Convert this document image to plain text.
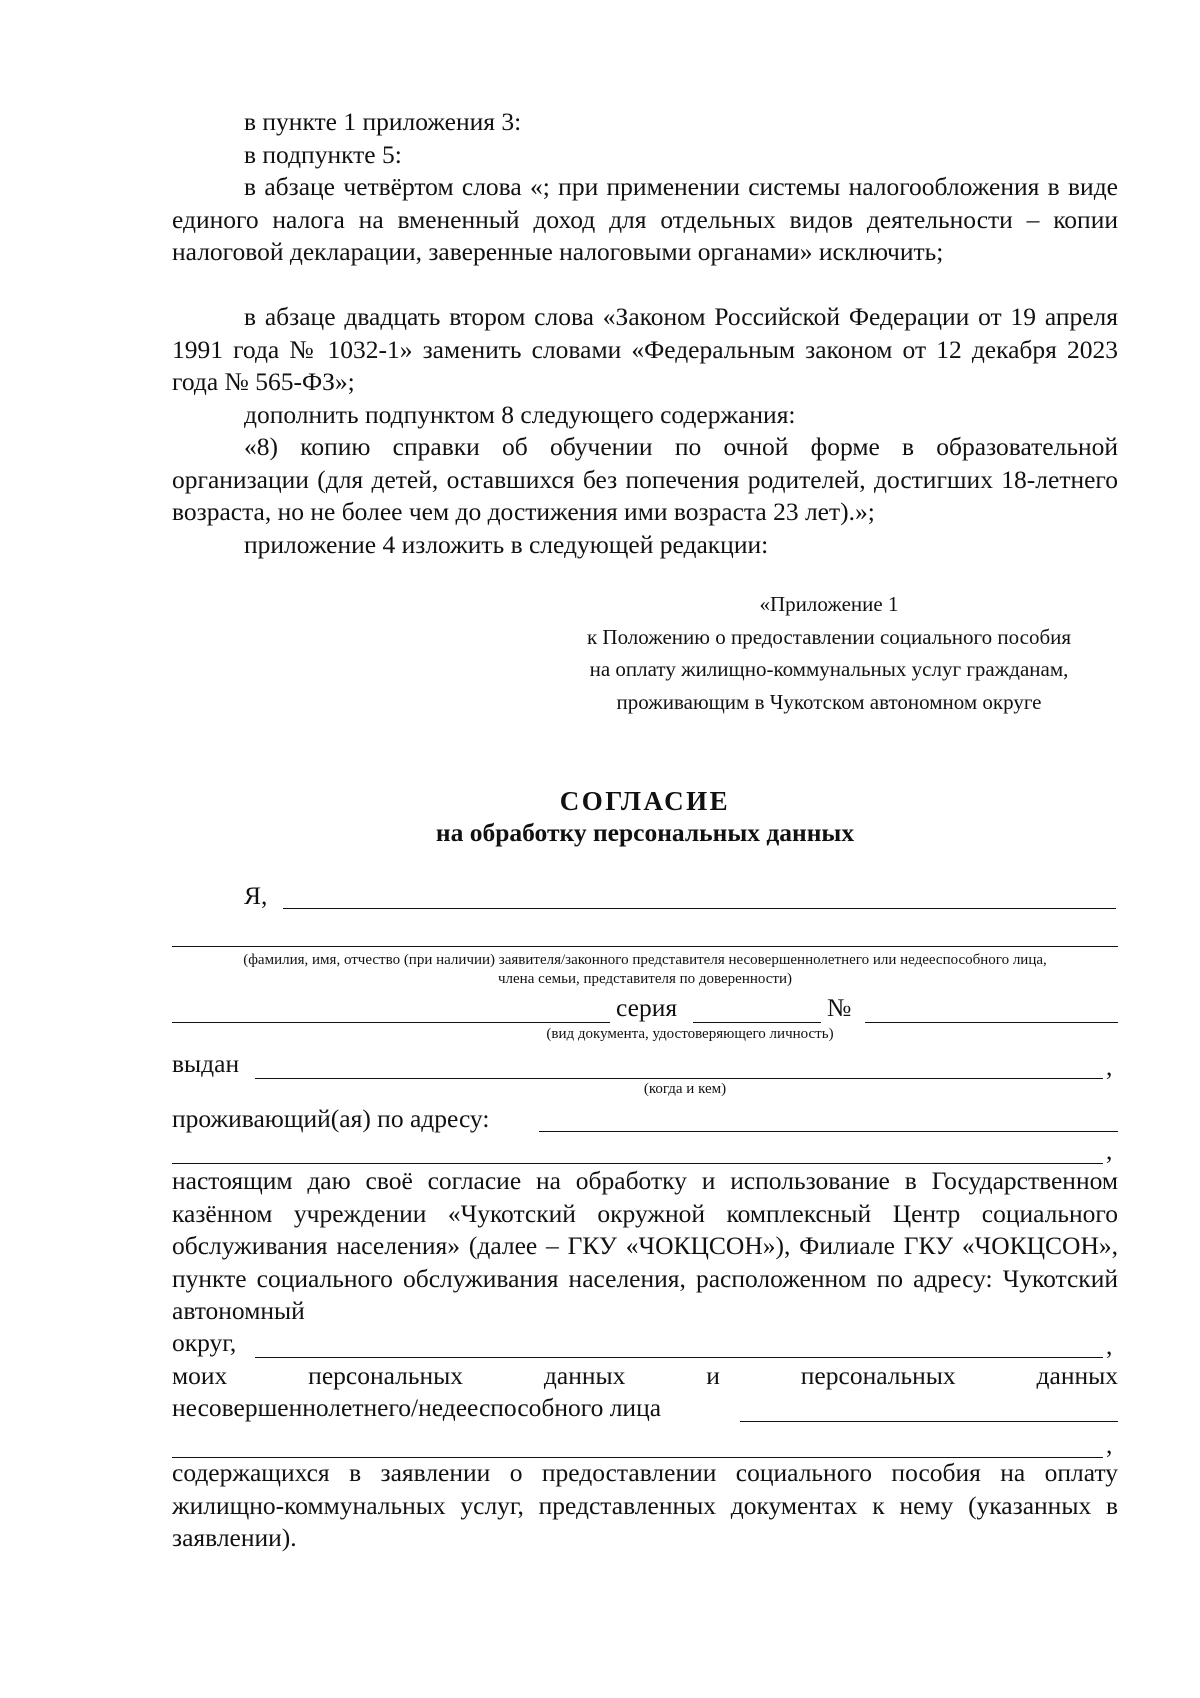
в пункте 1 приложения 3:
в подпункте 5:

в абзаце четвёртом слова «; при применении системы налогообложения в виде единого налога на вмененный доход для отдельных видов деятельности – копии налоговой декларации, заверенные налоговыми органами» исключить;

в абзаце двадцать втором слова «Законом Российской Федерации от 19 апреля 1991 года № 1032-1» заменить словами «Федеральным законом от 12 декабря 2023 года № 565-ФЗ»;

дополнить подпунктом 8 следующего содержания:

«8) копию справки об обучении по очной форме в образовательной организации (для детей, оставшихся без попечения родителей, достигших 18-летнего возраста, но не более чем до достижения ими возраста 23 лет).»;

приложение 4 изложить в следующей редакции:
«Приложение 1
к Положению о предоставлении социального пособия
на оплату жилищно-коммунальных услуг гражданам,
проживающим в Чукотском автономном округе
СОГЛАСИЕ
на обработку персональных данных
Я,
(фамилия, имя, отчество (при наличии) заявителя/законного представителя несовершеннолетнего или недееспособного лица, члена семьи, представителя по доверенности)
серия	№
(вид документа, удостоверяющего личность)
выдан	,
(когда и кем)
проживающий(ая) по адресу:
,

настоящим даю своё согласие на обработку и использование в Государственном казённом учреждении «Чукотский окружной комплексный Центр социального обслуживания населения» (далее – ГКУ «ЧОКЦСОН»), Филиале ГКУ «ЧОКЦСОН», пункте социального обслуживания населения, расположенном по адресу: Чукотский автономный

округ,	,

моих персональных данных и персональных данных

несовершеннолетнего/недееспособного лица
,

содержащихся в заявлении о предоставлении социального пособия на оплату жилищно-коммунальных услуг, представленных документах к нему (указанных в заявлении).
